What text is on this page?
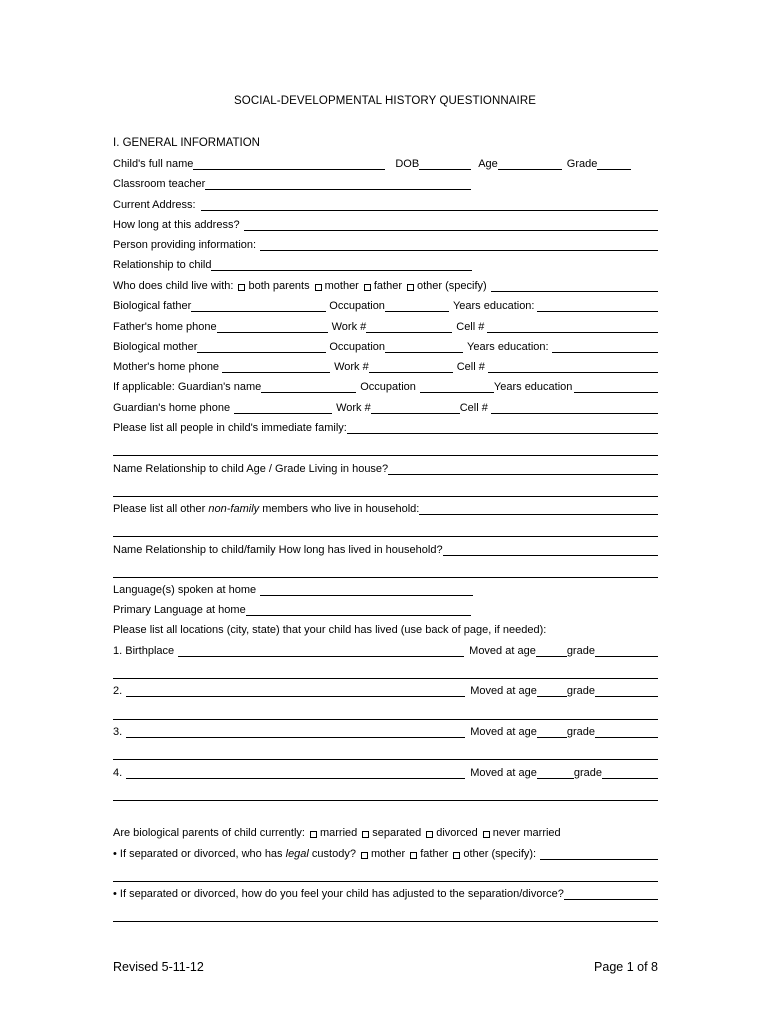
SOCIAL-DEVELOPMENTAL HISTORY QUESTIONNAIRE
I. GENERAL INFORMATION
Child's full name	DOB	Age	Grade
Classroom teacher
Current Address:
How long at this address?
Person providing information:
Relationship to child
Who does child live with: both parents mother father other (specify)
Biological father	Occupation	Years education:
Father's home phone	Work #	Cell #
Biological mother	Occupation	Years education:
Mother's home phone	Work #	Cell #
If applicable: Guardian's name	Occupation	Years education
Guardian's home phone	Work #	Cell #
Please list all people in child's immediate family:
Name Relationship to child Age / Grade Living in house?
Please list all other non-family members who live in household:
Name Relationship to child/family How long has lived in household?
Language(s) spoken at home
Primary Language at home
Please list all locations (city, state) that your child has lived (use back of page, if needed):
1. Birthplace	Moved at age	grade
2.	Moved at age	grade
3.	Moved at age	grade
4.	Moved at age	grade
Are biological parents of child currently: married separated divorced never married
• If separated or divorced, who has legal custody? mother father other (specify):
• If separated or divorced, how do you feel your child has adjusted to the separation/divorce?
Revised 5-11-12	Page 1 of 8
